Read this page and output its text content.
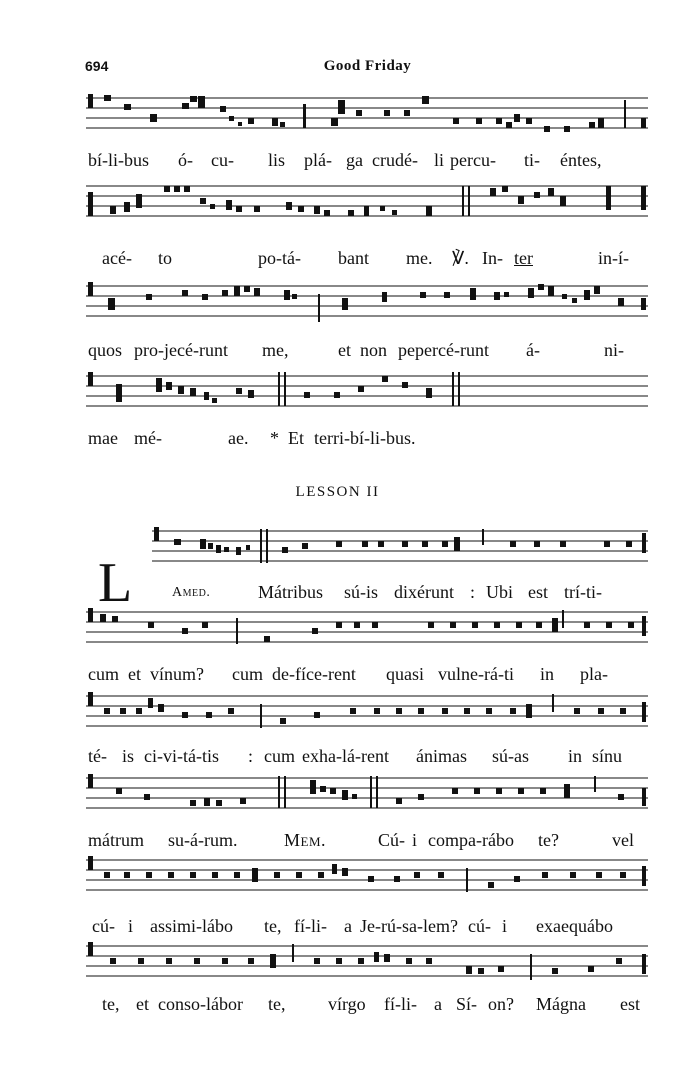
694	Good Friday
bí-li-bus ó- cu- lis plá- ga crudé- li percu- ti- éntes,
acé- to	po-tá- bant me. ℣. In- ter	in-í-
quos pro-jecé-runt me,	et non pepercé-runt á-	ni-
mae mé-	ae. * Et terri-bí-li-bus.
LESSON II
L	Amed.	Mátribus sú-is dixérunt : Ubi est trí-ti-
cum et vínum? cum de-fíce-rent quasi vulne-rá-ti in pla-
té- is ci-vi-tá-tis : cum exha-lá-rent ánimas sú-as in sínu
mátrum su-á-rum.	Mem.	Cú- i compa-rábo te?	vel
cú- i assimi-lábo te, fí-li- a Je-rú-sa-lem? cú- i exaequábo
te, et conso-lábor te, vírgo fí-li- a Sí- on? Mágna est
